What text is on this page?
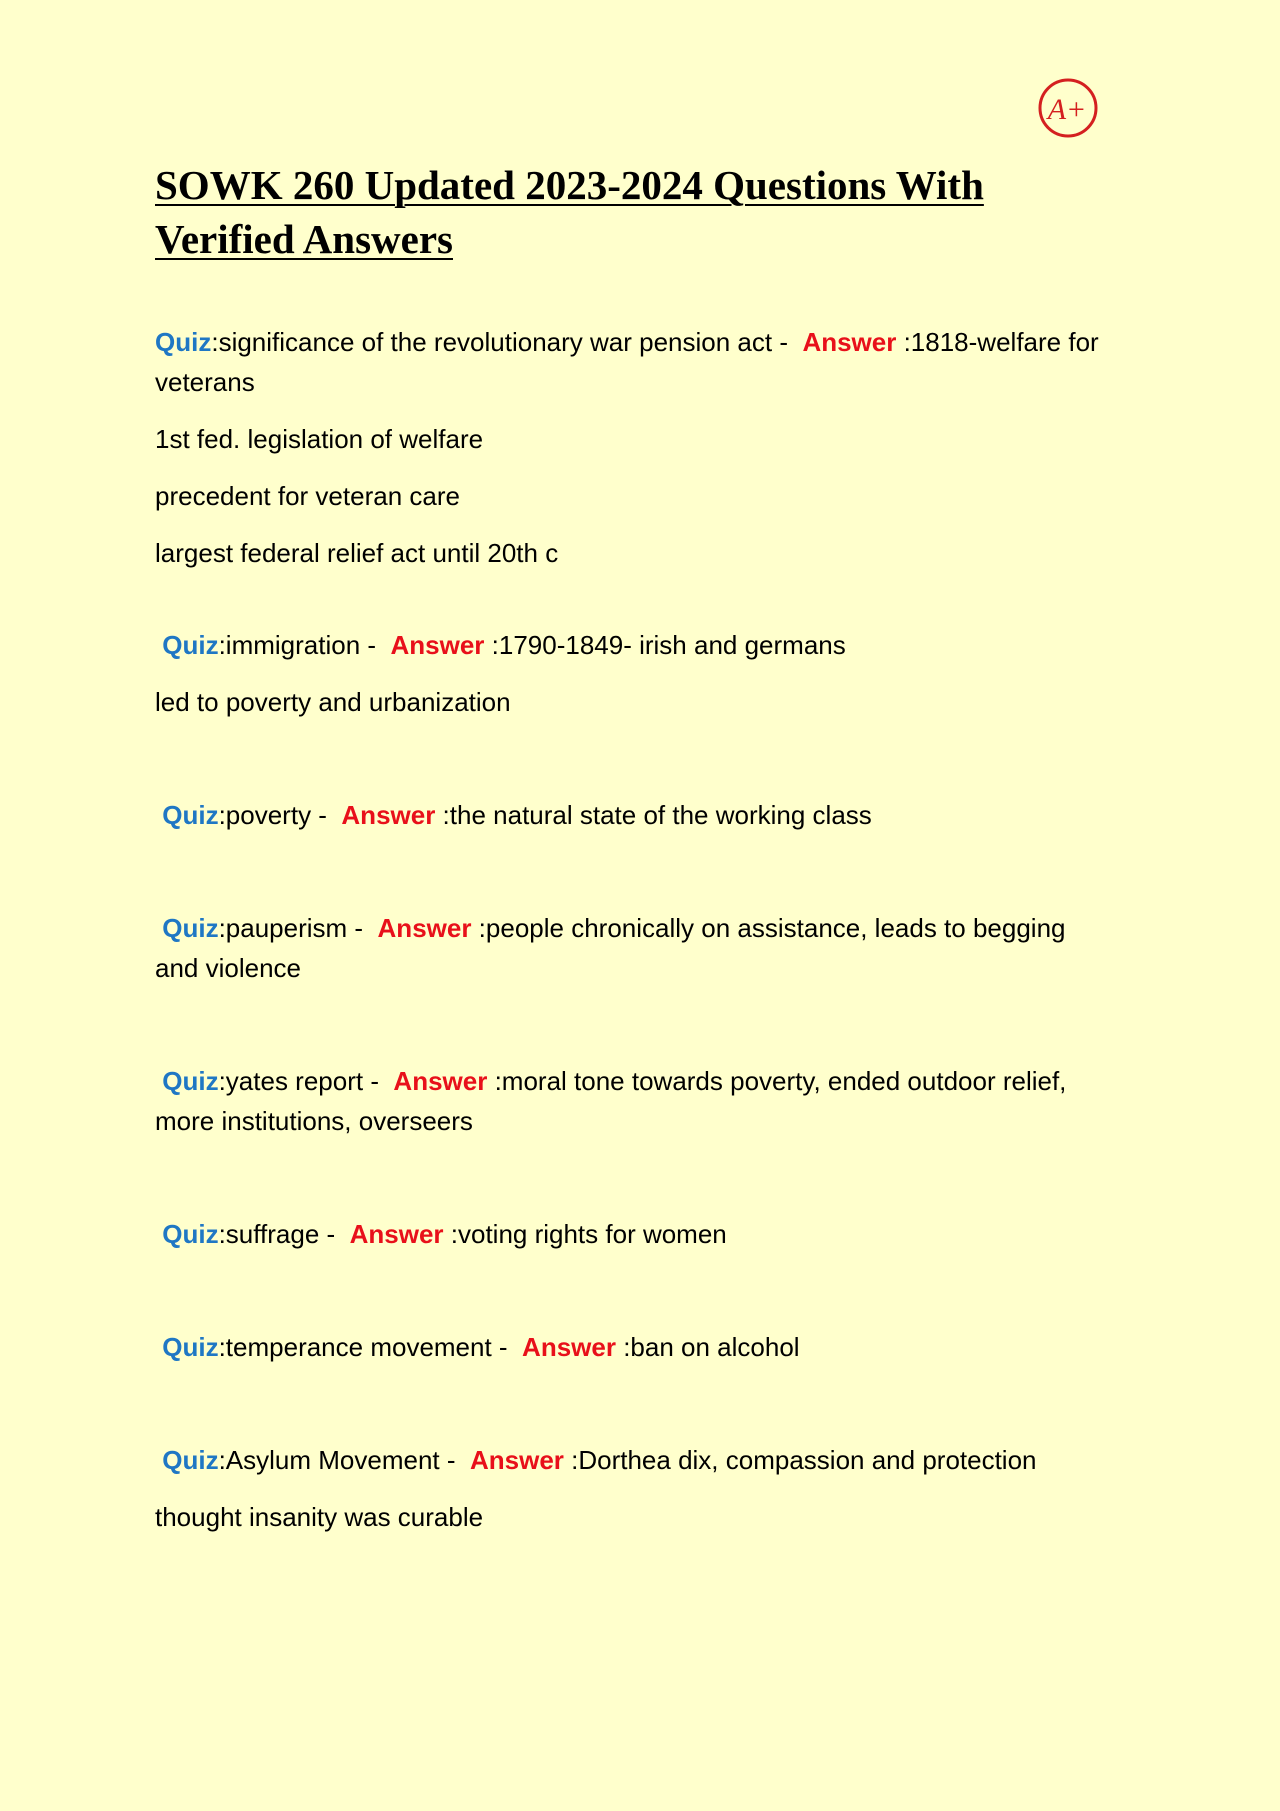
A+
SOWK 260 Updated 2023-2024 Questions With Verified Answers

Quiz:significance of the revolutionary war pension act -  Answer :1818-welfare for veterans

1st fed. legislation of welfare

precedent for veteran care

largest federal relief act until 20th c

Quiz:immigration -  Answer :1790-1849- irish and germans

led to poverty and urbanization

Quiz:poverty -  Answer :the natural state of the working class

Quiz:pauperism -  Answer :people chronically on assistance, leads to begging and violence

Quiz:yates report -  Answer :moral tone towards poverty, ended outdoor relief, more institutions, overseers

Quiz:suffrage -  Answer :voting rights for women

Quiz:temperance movement -  Answer :ban on alcohol

Quiz:Asylum Movement -  Answer :Dorthea dix, compassion and protection

thought insanity was curable
